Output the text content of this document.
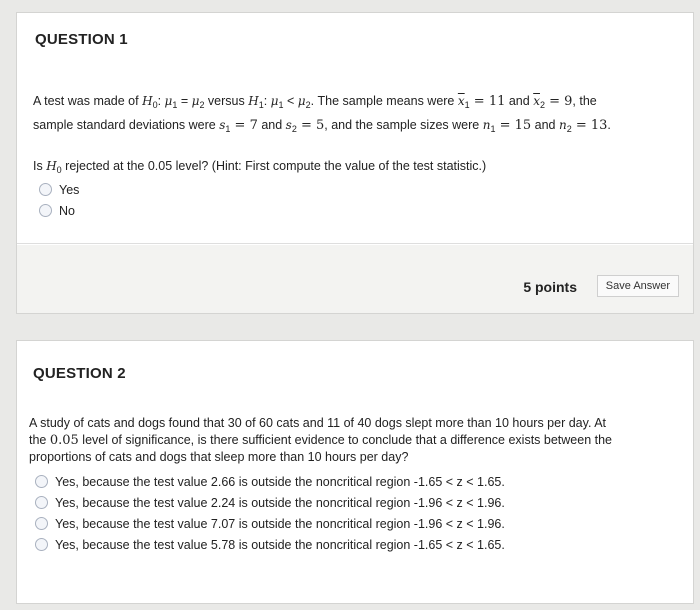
QUESTION 1
A test was made of $H_0$: $\mu_1 = \mu_2$ versus $H_1$: $\mu_1 < \mu_2$. The sample means were $\overline{x}_1 = 11$ and $\overline{x}_2 = 9$, the
sample standard deviations were $s_1 = 7$ and $s_2 = 5$, and the sample sizes were $n_1 = 15$ and $n_2 = 13$.
Is $H_0$ rejected at the 0.05 level? (Hint: First compute the value of the test statistic.)
Yes
No
5 points	Save Answer
QUESTION 2
A study of cats and dogs found that 30 of 60 cats and 11 of 40 dogs slept more than 10 hours per day. At
the 0.05 level of significance, is there sufficient evidence to conclude that a difference exists between the
proportions of cats and dogs that sleep more than 10 hours per day?
Yes, because the test value 2.66 is outside the noncritical region -1.65 < z < 1.65.
Yes, because the test value 2.24 is outside the noncritical region -1.96 < z < 1.96.
Yes, because the test value 7.07 is outside the noncritical region -1.96 < z < 1.96.
Yes, because the test value 5.78 is outside the noncritical region -1.65 < z < 1.65.
